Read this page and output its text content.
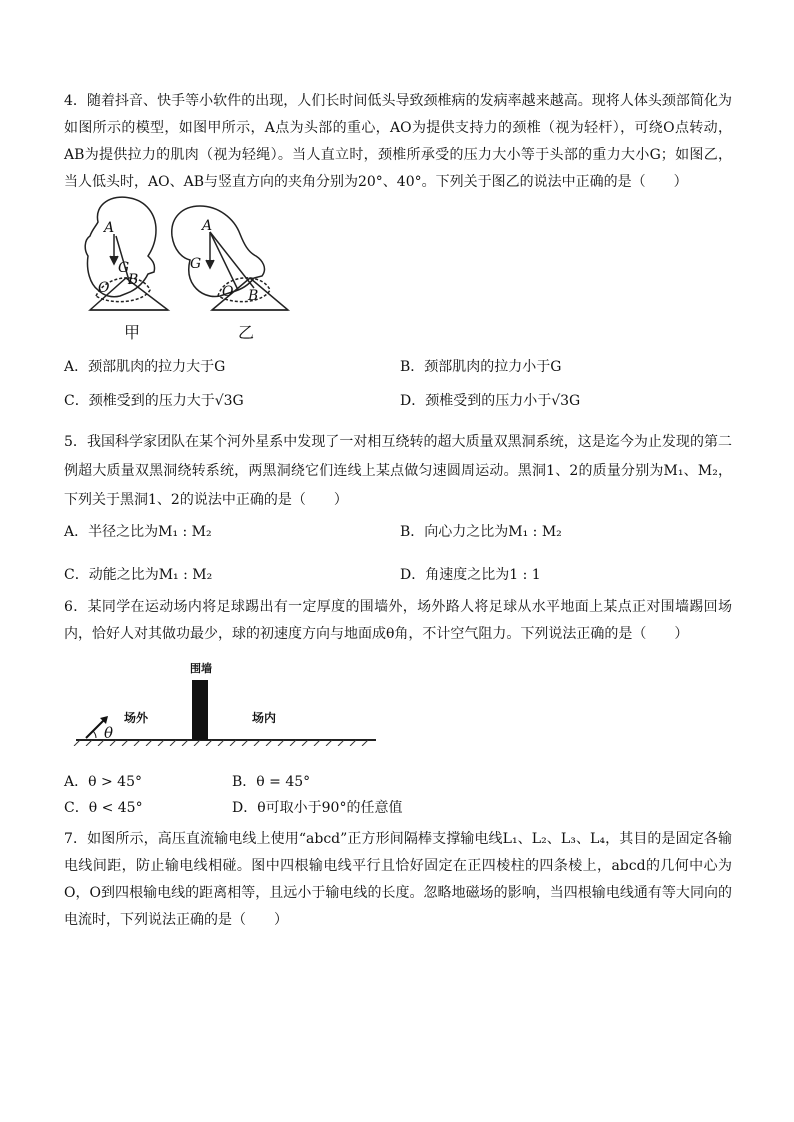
4．随着抖音、快手等小软件的出现，人们长时间低头导致颈椎病的发病率越来越高。现将人体头颈部简化为如图所示的模型，如图甲所示，A点为头部的重心，AO为提供支持力的颈椎（视为轻杆），可绕O点转动，AB为提供拉力的肌肉（视为轻绳）。当人直立时，颈椎所承受的压力大小等于头部的重力大小G；如图乙，当人低头时，AO、AB与竖直方向的夹角分别为20°、40°。下列关于图乙的说法中正确的是（　　）

A
G
O B
甲
A
G
O B
乙
A．颈部肌肉的拉力大于G	B．颈部肌肉的拉力小于G
C．颈椎受到的压力大于√3G	D．颈椎受到的压力小于√3G

5．我国科学家团队在某个河外星系中发现了一对相互绕转的超大质量双黑洞系统，这是迄今为止发现的第二例超大质量双黑洞绕转系统，两黑洞绕它们连线上某点做匀速圆周运动。黑洞1、2的质量分别为M₁、M₂，下列关于黑洞1、2的说法中正确的是（　　）

A．半径之比为M₁ : M₂	B．向心力之比为M₁ : M₂
C．动能之比为M₁ : M₂	D．角速度之比为1 : 1

6．某同学在运动场内将足球踢出有一定厚度的围墙外，场外路人将足球从水平地面上某点正对围墙踢回场内，恰好人对其做功最少，球的初速度方向与地面成θ角，不计空气阻力。下列说法正确的是（　　）

围墙
场外	场内
θ
A．θ > 45°	B．θ = 45°
C．θ < 45°	D．θ可取小于90°的任意值

7．如图所示，高压直流输电线上使用“abcd”正方形间隔棒支撑输电线L₁、L₂、L₃、L₄，其目的是固定各输电线间距，防止输电线相碰。图中四根输电线平行且恰好固定在正四棱柱的四条棱上，abcd的几何中心为O，O到四根输电线的距离相等，且远小于输电线的长度。忽略地磁场的影响，当四根输电线通有等大同向的电流时，下列说法正确的是（　　）
